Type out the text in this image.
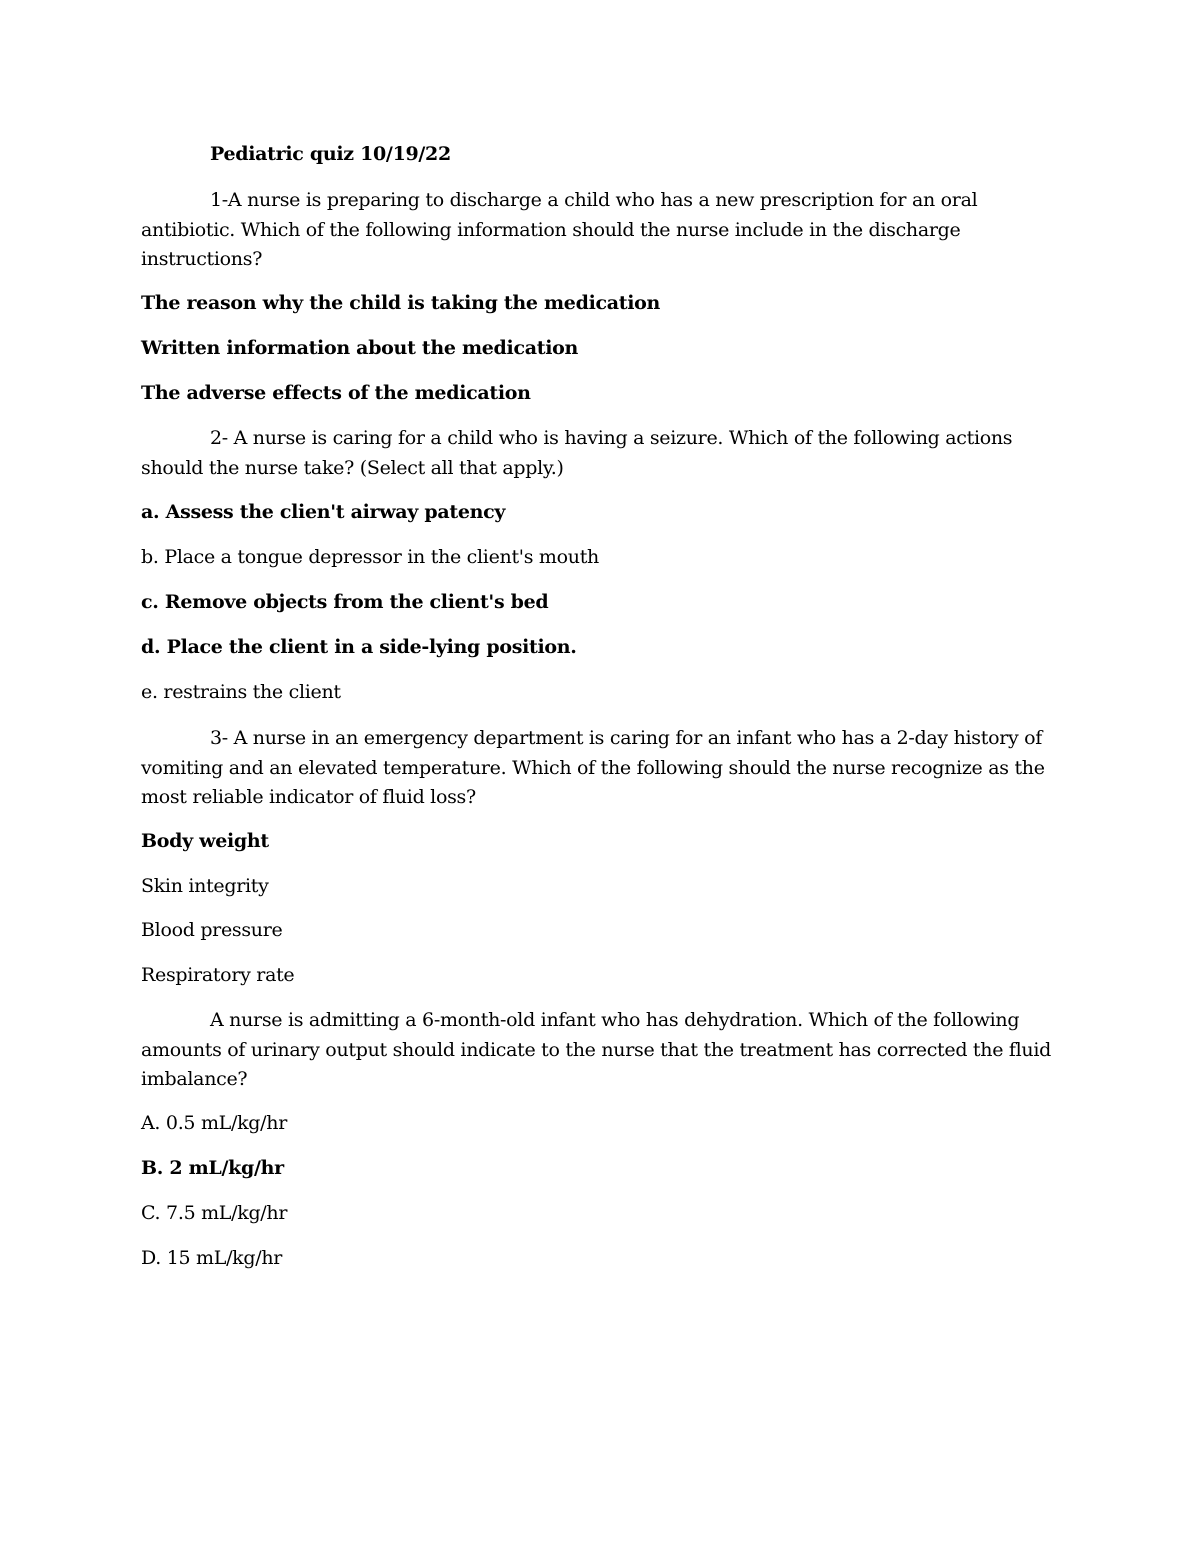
Pediatric quiz 10/19/22
1-A nurse is preparing to discharge a child who has a new prescription for an oral antibiotic. Which of the following information should the nurse include in the discharge instructions?
The reason why the child is taking the medication
Written information about the medication
The adverse effects of the medication
2- A nurse is caring for a child who is having a seizure. Which of the following actions should the nurse take? (Select all that apply.)
a. Assess the clien't airway patency
b. Place a tongue depressor in the client's mouth
c. Remove objects from the client's bed
d. Place the client in a side-lying position.
e. restrains the client
3- A nurse in an emergency department is caring for an infant who has a 2-day history of vomiting and an elevated temperature. Which of the following should the nurse recognize as the most reliable indicator of fluid loss?
Body weight
Skin integrity
Blood pressure
Respiratory rate
A nurse is admitting a 6-month-old infant who has dehydration. Which of the following amounts of urinary output should indicate to the nurse that the treatment has corrected the fluid imbalance?
A. 0.5 mL/kg/hr
B. 2 mL/kg/hr
C. 7.5 mL/kg/hr
D. 15 mL/kg/hr
